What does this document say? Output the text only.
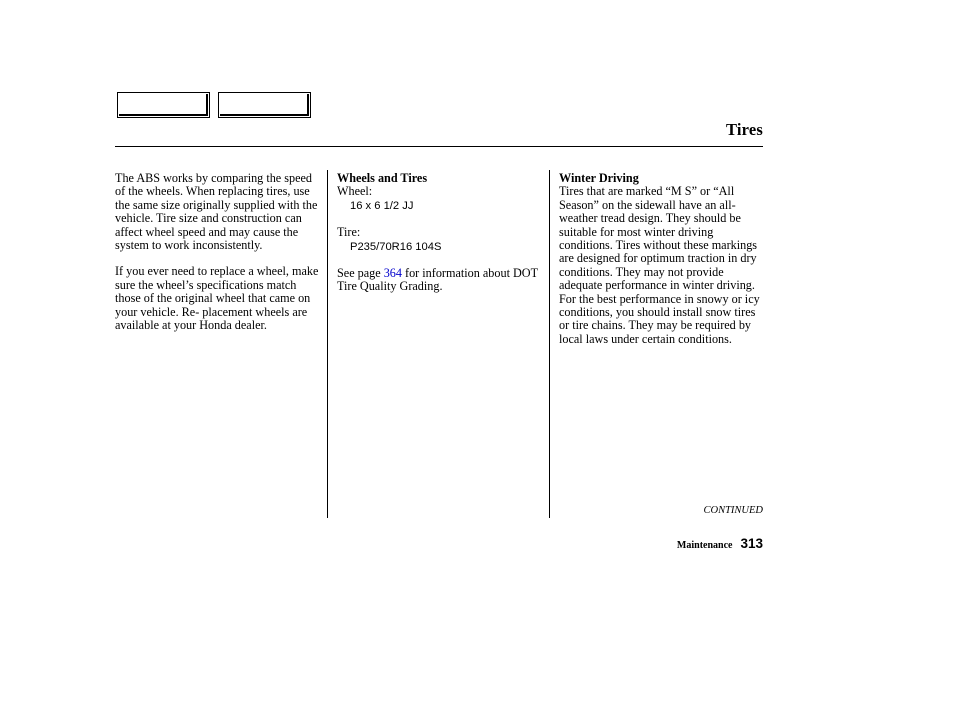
Tires

The ABS works by comparing the speed of the wheels. When replacing tires, use the same size originally supplied with the vehicle. Tire size and construction can affect wheel speed and may cause the system to work inconsistently.

If you ever need to replace a wheel, make sure the wheel’s specifications match those of the original wheel that came on your vehicle. Re- placement wheels are available at your Honda dealer.

Wheels and Tires
Wheel:
16 x 6 1/2 JJ
Tire:
P235/70R16 104S

See page 364 for information about DOT Tire Quality Grading.

Winter Driving

Tires that are marked “M S” or “All Season” on the sidewall have an all-weather tread design. They should be suitable for most winter driving conditions. Tires without these markings are designed for optimum traction in dry conditions. They may not provide adequate performance in winter driving.

For the best performance in snowy or icy conditions, you should install snow tires or tire chains. They may be required by local laws under certain conditions.

CONTINUED
Maintenance 313
